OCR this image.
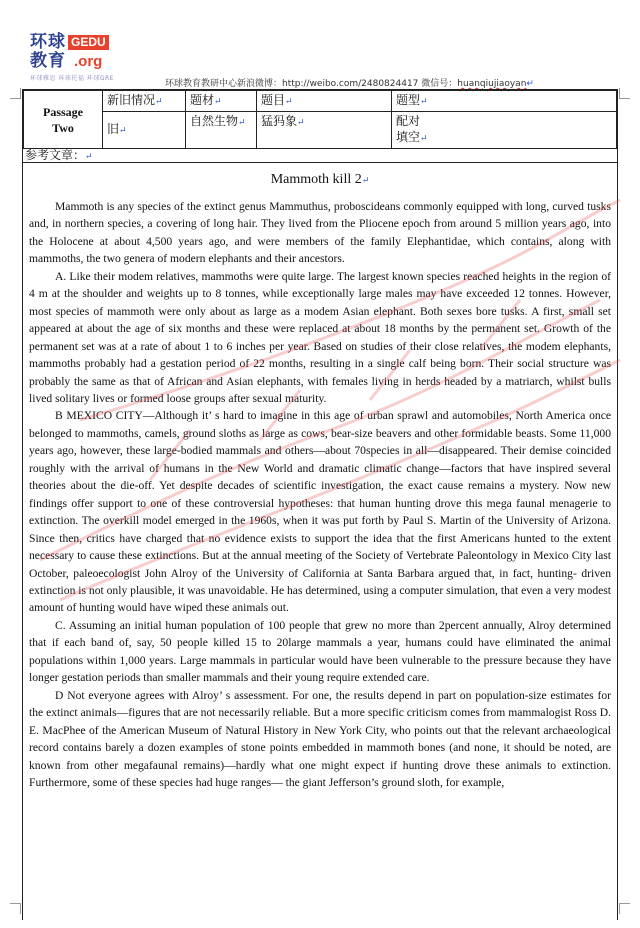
环球
教育
GEDU
.org
环球雅思 环球托福 环球GRE
环球教育教研中心新浪微博：http://weibo.com/2480824417 微信号：huanqiujiaoyan↵
Passage
Two	新旧情况↵	题材↵	题目↵	题型↵
	旧↵	自然生物↵	猛犸象↵	配对
填空↵
参考文章：↵
Mammoth kill 2↵

Mammoth is any species of the extinct genus Mammuthus, proboscideans commonly equipped with long, curved tusks and, in northern species, a covering of long hair. They lived from the Pliocene epoch from around 5 million years ago, into the Holocene at about 4,500 years ago, and were members of the family Elephantidae, which contains, along with mammoths, the two genera of modern elephants and their ancestors.

A. Like their modem relatives, mammoths were quite large. The largest known species reached heights in the region of 4 m at the shoulder and weights up to 8 tonnes, while exceptionally large males may have exceeded 12 tonnes. However, most species of mammoth were only about as large as a modem Asian elephant. Both sexes bore tusks. A first, small set appeared at about the age of six months and these were replaced at about 18 months by the permanent set. Growth of the permanent set was at a rate of about 1 to 6 inches per year. Based on studies of their close relatives, the modem elephants, mammoths probably had a gestation period of 22 months, resulting in a single calf being born. Their social structure was probably the same as that of African and Asian elephants, with females living in herds headed by a matriarch, whilst bulls lived solitary lives or formed loose groups after sexual maturity.

B MEXICO CITY—Although it’ s hard to imagine in this age of urban sprawl and automobiles, North America once belonged to mammoths, camels, ground sloths as large as cows, bear-size beavers and other formidable beasts. Some 11,000 years ago, however, these large-bodied mammals and others—about 70species in all—disappeared. Their demise coincided roughly with the arrival of humans in the New World and dramatic climatic change—factors that have inspired several theories about the die-off. Yet despite decades of scientific investigation, the exact cause remains a mystery. Now new findings offer support to one of these controversial hypotheses: that human hunting drove this mega faunal menagerie to extinction. The overkill model emerged in the 1960s, when it was put forth by Paul S. Martin of the University of Arizona. Since then, critics have charged that no evidence exists to support the idea that the first Americans hunted to the extent necessary to cause these extinctions. But at the annual meeting of the Society of Vertebrate Paleontology in Mexico City last October, paleoecologist John Alroy of the University of California at Santa Barbara argued that, in fact, hunting- driven extinction is not only plausible, it was unavoidable. He has determined, using a computer simulation, that even a very modest amount of hunting would have wiped these animals out.

C. Assuming an initial human population of 100 people that grew no more than 2percent annually, Alroy determined that if each band of, say, 50 people killed 15 to 20large mammals a year, humans could have eliminated the animal populations within 1,000 years. Large mammals in particular would have been vulnerable to the pressure because they have longer gestation periods than smaller mammals and their young require extended care.

D Not everyone agrees with Alroy’ s assessment. For one, the results depend in part on population-size estimates for the extinct animals—figures that are not necessarily reliable. But a more specific criticism comes from mammalogist Ross D. E. MacPhee of the American Museum of Natural History in New York City, who points out that the relevant archaeological record contains barely a dozen examples of stone points embedded in mammoth bones (and none, it should be noted, are known from other megafaunal remains)—hardly what one might expect if hunting drove these animals to extinction. Furthermore, some of these species had huge ranges— the giant Jefferson’s ground sloth, for example,
